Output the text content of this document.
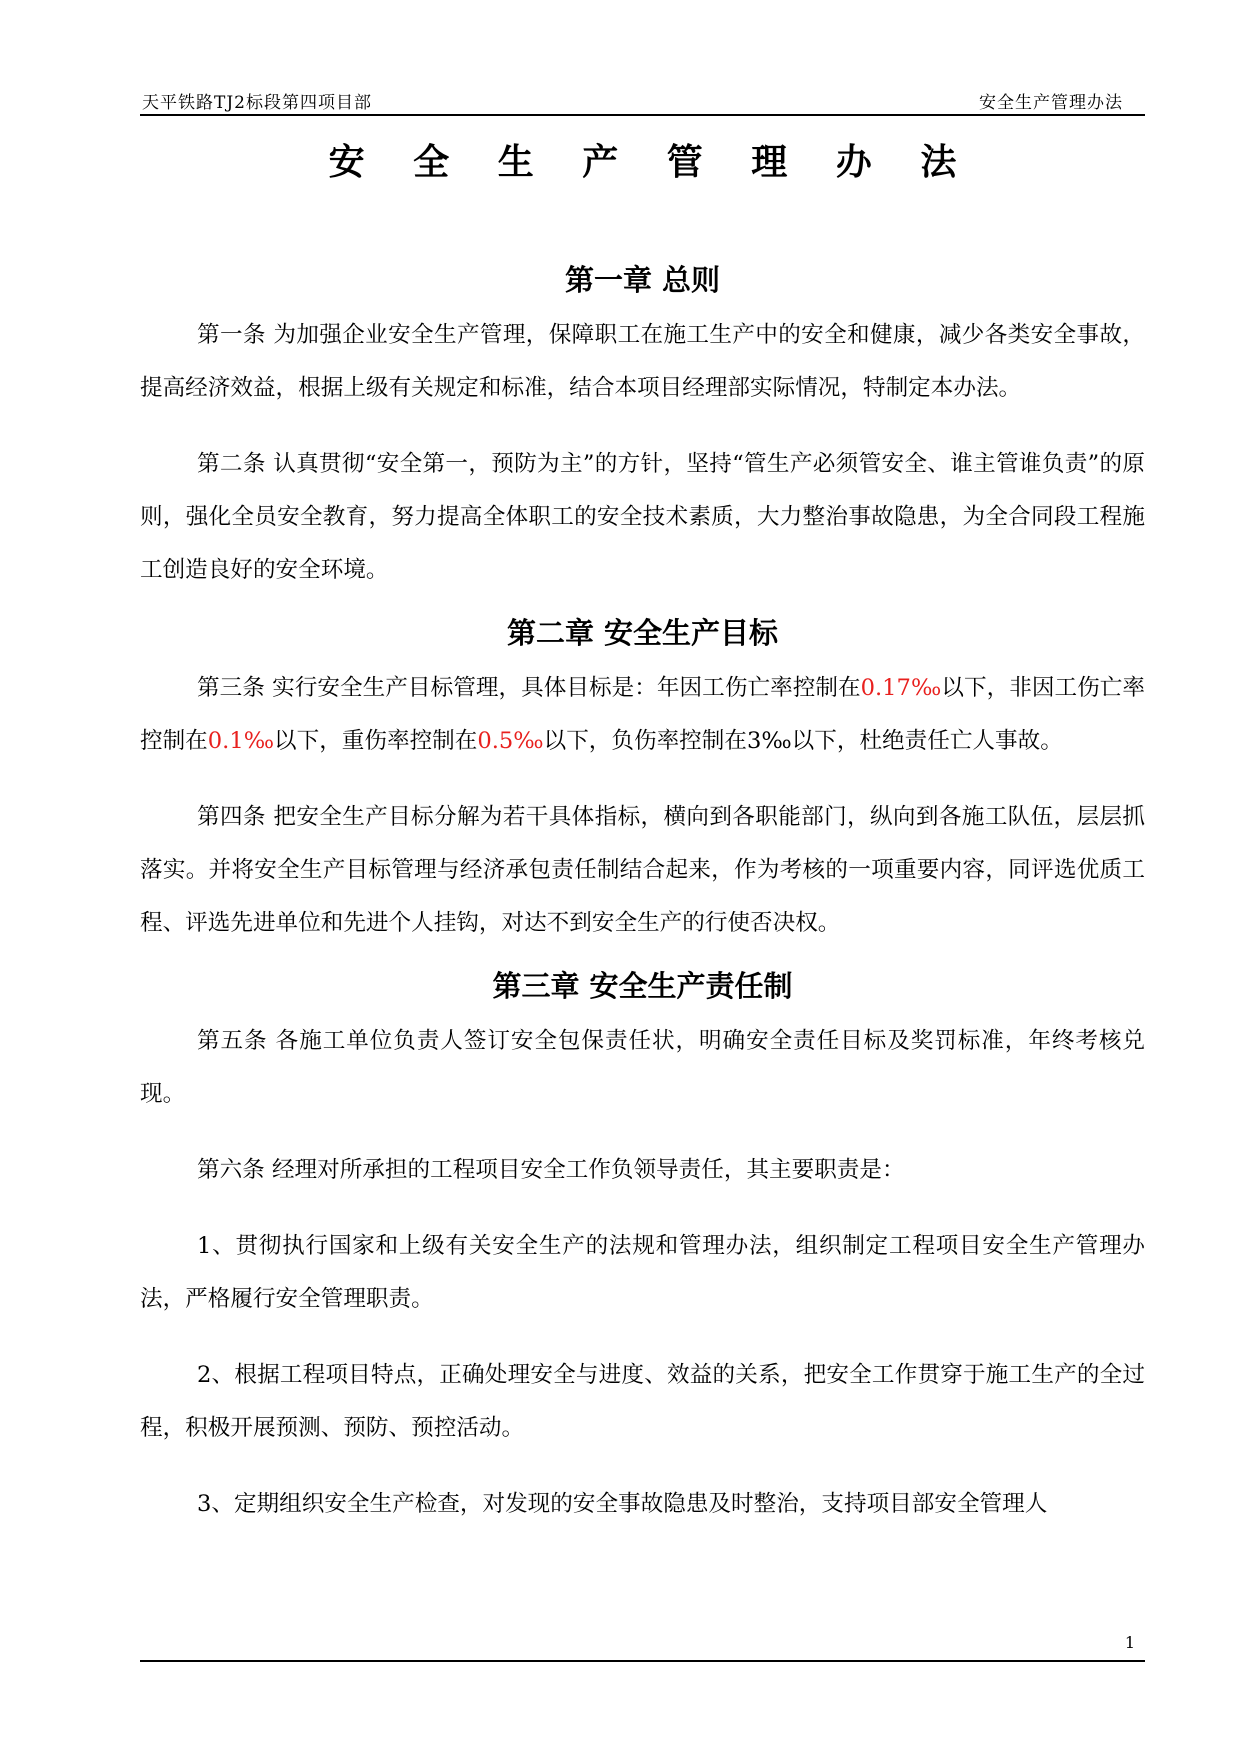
天平铁路TJ2标段第四项目部	安全生产管理办法
安 全 生 产 管 理 办 法
第一章 总则

第一条 为加强企业安全生产管理，保障职工在施工生产中的安全和健康，减少各类安全事故，提高经济效益，根据上级有关规定和标准，结合本项目经理部实际情况，特制定本办法。

第二条 认真贯彻“安全第一，预防为主”的方针，坚持“管生产必须管安全、谁主管谁负责”的原则，强化全员安全教育，努力提高全体职工的安全技术素质，大力整治事故隐患，为全合同段工程施工创造良好的安全环境。

第二章 安全生产目标

第三条 实行安全生产目标管理，具体目标是：年因工伤亡率控制在0.17‰以下，非因工伤亡率控制在0.1‰以下，重伤率控制在0.5‰以下，负伤率控制在3‰以下，杜绝责任亡人事故。

第四条 把安全生产目标分解为若干具体指标，横向到各职能部门，纵向到各施工队伍，层层抓落实。并将安全生产目标管理与经济承包责任制结合起来，作为考核的一项重要内容，同评选优质工程、评选先进单位和先进个人挂钩，对达不到安全生产的行使否决权。

第三章 安全生产责任制

第五条 各施工单位负责人签订安全包保责任状，明确安全责任目标及奖罚标准，年终考核兑现。

第六条 经理对所承担的工程项目安全工作负领导责任，其主要职责是：

1、贯彻执行国家和上级有关安全生产的法规和管理办法，组织制定工程项目安全生产管理办法，严格履行安全管理职责。

2、根据工程项目特点，正确处理安全与进度、效益的关系，把安全工作贯穿于施工生产的全过程，积极开展预测、预防、预控活动。

3、定期组织安全生产检查，对发现的安全事故隐患及时整治，支持项目部安全管理人

1
